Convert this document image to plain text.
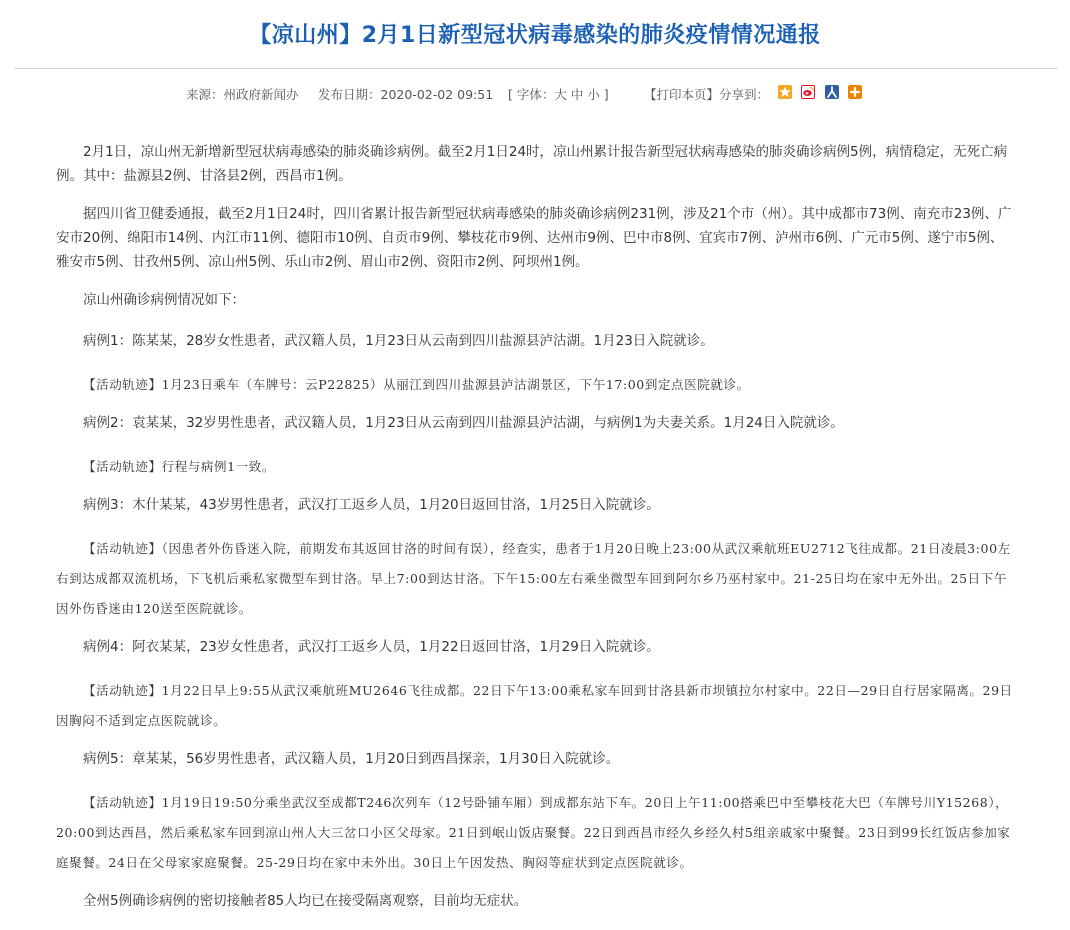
【凉山州】2月1日新型冠状病毒感染的肺炎疫情情况通报
来源：州政府新闻办 发布日期：2020-02-02 09:51 [ 字体：大 中 小 ]	【打印本页】 分享到：

2月1日，凉山州无新增新型冠状病毒感染的肺炎确诊病例。截至2月1日24时，凉山州累计报告新型冠状病毒感染的肺炎确诊病例5例，病情稳定，无死亡病例。其中：盐源县2例、甘洛县2例，西昌市1例。

据四川省卫健委通报，截至2月1日24时，四川省累计报告新型冠状病毒感染的肺炎确诊病例231例，涉及21个市（州）。其中成都市73例、南充市23例、广安市20例、绵阳市14例、内江市11例、德阳市10例、自贡市9例、攀枝花市9例、达州市9例、巴中市8例、宜宾市7例、泸州市6例、广元市5例、遂宁市5例、雅安市5例、甘孜州5例、凉山州5例、乐山市2例、眉山市2例、资阳市2例、阿坝州1例。

凉山州确诊病例情况如下：

病例1：陈某某，28岁女性患者，武汉籍人员，1月23日从云南到四川盐源县泸沽湖。1月23日入院就诊。

【活动轨迹】1月23日乘车（车牌号：云P22825）从丽江到四川盐源县泸沽湖景区，下午17:00到定点医院就诊。

病例2：袁某某，32岁男性患者，武汉籍人员，1月23日从云南到四川盐源县泸沽湖，与病例1为夫妻关系。1月24日入院就诊。

【活动轨迹】行程与病例1一致。

病例3：木什某某，43岁男性患者，武汉打工返乡人员，1月20日返回甘洛，1月25日入院就诊。

【活动轨迹】（因患者外伤昏迷入院，前期发布其返回甘洛的时间有误），经查实，患者于1月20日晚上23:00从武汉乘航班EU2712飞往成都。21日凌晨3:00左右到达成都双流机场，下飞机后乘私家微型车到甘洛。早上7:00到达甘洛。下午15:00左右乘坐微型车回到阿尔乡乃巫村家中。21-25日均在家中无外出。25日下午因外伤昏迷由120送至医院就诊。

病例4：阿衣某某，23岁女性患者，武汉打工返乡人员，1月22日返回甘洛，1月29日入院就诊。

【活动轨迹】1月22日早上9:55从武汉乘航班MU2646飞往成都。22日下午13:00乘私家车回到甘洛县新市坝镇拉尔村家中。22日—29日自行居家隔离。29日因胸闷不适到定点医院就诊。

病例5：章某某，56岁男性患者，武汉籍人员，1月20日到西昌探亲，1月30日入院就诊。

【活动轨迹】1月19日19:50分乘坐武汉至成都T246次列车（12号卧铺车厢）到成都东站下车。20日上午11:00搭乘巴中至攀枝花大巴（车牌号川Y15268），20:00到达西昌，然后乘私家车回到凉山州人大三岔口小区父母家。21日到岷山饭店聚餐。22日到西昌市经久乡经久村5组亲戚家中聚餐。23日到99长红饭店参加家庭聚餐。24日在父母家家庭聚餐。25-29日均在家中未外出。30日上午因发热、胸闷等症状到定点医院就诊。

全州5例确诊病例的密切接触者85人均已在接受隔离观察，目前均无症状。
